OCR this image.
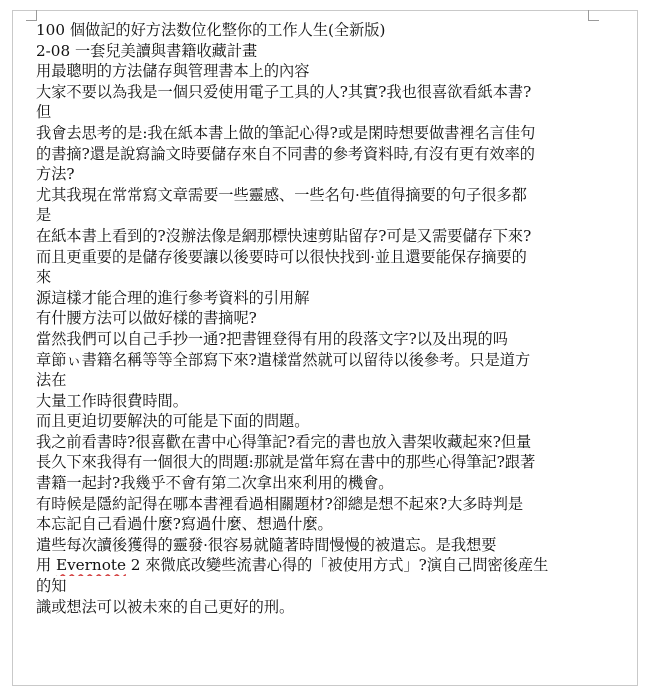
100 個做記的好方法数位化整你的工作人生(全新版)
2-08 一套兒美讀與書籍收藏計畫
用最聰明的方法儲存與管理書本上的內容
大家不要以為我是一個只爱使用電子工具的人?其實?我也很喜欲看紙本書?
但
我會去思考的是:我在紙本書上做的筆記心得?或是閑時想要做書裡名言佳句
的書摘?還是說寫論文時要儲存來自不同書的參考資料時,有沒有更有效率的
方法?
尤其我現在常常寫文章需要一些靈感、一些名句·些值得摘要的句子很多都
是
在紙本書上看到的?沒辦法像是網那標快速剪貼留存?可是又需要儲存下來?
而且更重要的是儲存後要讓以後要時可以很快找到·並且還要能保存摘要的
來
源這樣才能合理的進行參考資料的引用解
有什腰方法可以做好樣的書摘呢?
當然我們可以自己手抄一通?把書锂登得有用的段落文字?以及出現的吗
章節ぃ書籍名稱等等全部寫下來?遣樣當然就可以留待以後參考。只是道方
法在
大量工作時很費時間。
而且更迫切要解決的可能是下面的問題。
我之前看書時?很喜歡在書中心得筆記?看完的書也放入書架收藏起來?但量
長久下來我得有一個很大的問題:那就是當年寫在書中的那些心得筆記?跟著
書籍一起封?我幾乎不會有第二次拿出來利用的機會。
有時候是隱約記得在哪本書裡看過相關題材?卻總是想不起來?大多時判是
本忘記自己看過什麼?寫過什麼、想過什麼。
遣些每次讀後獲得的靈發·很容易就隨著時間慢慢的被遣忘。是我想要
用 Evernote 2 來微底改變些流書心得的「被使用方式」?演自己問密後産生
的知
識或想法可以被未來的自己更好的刑。
